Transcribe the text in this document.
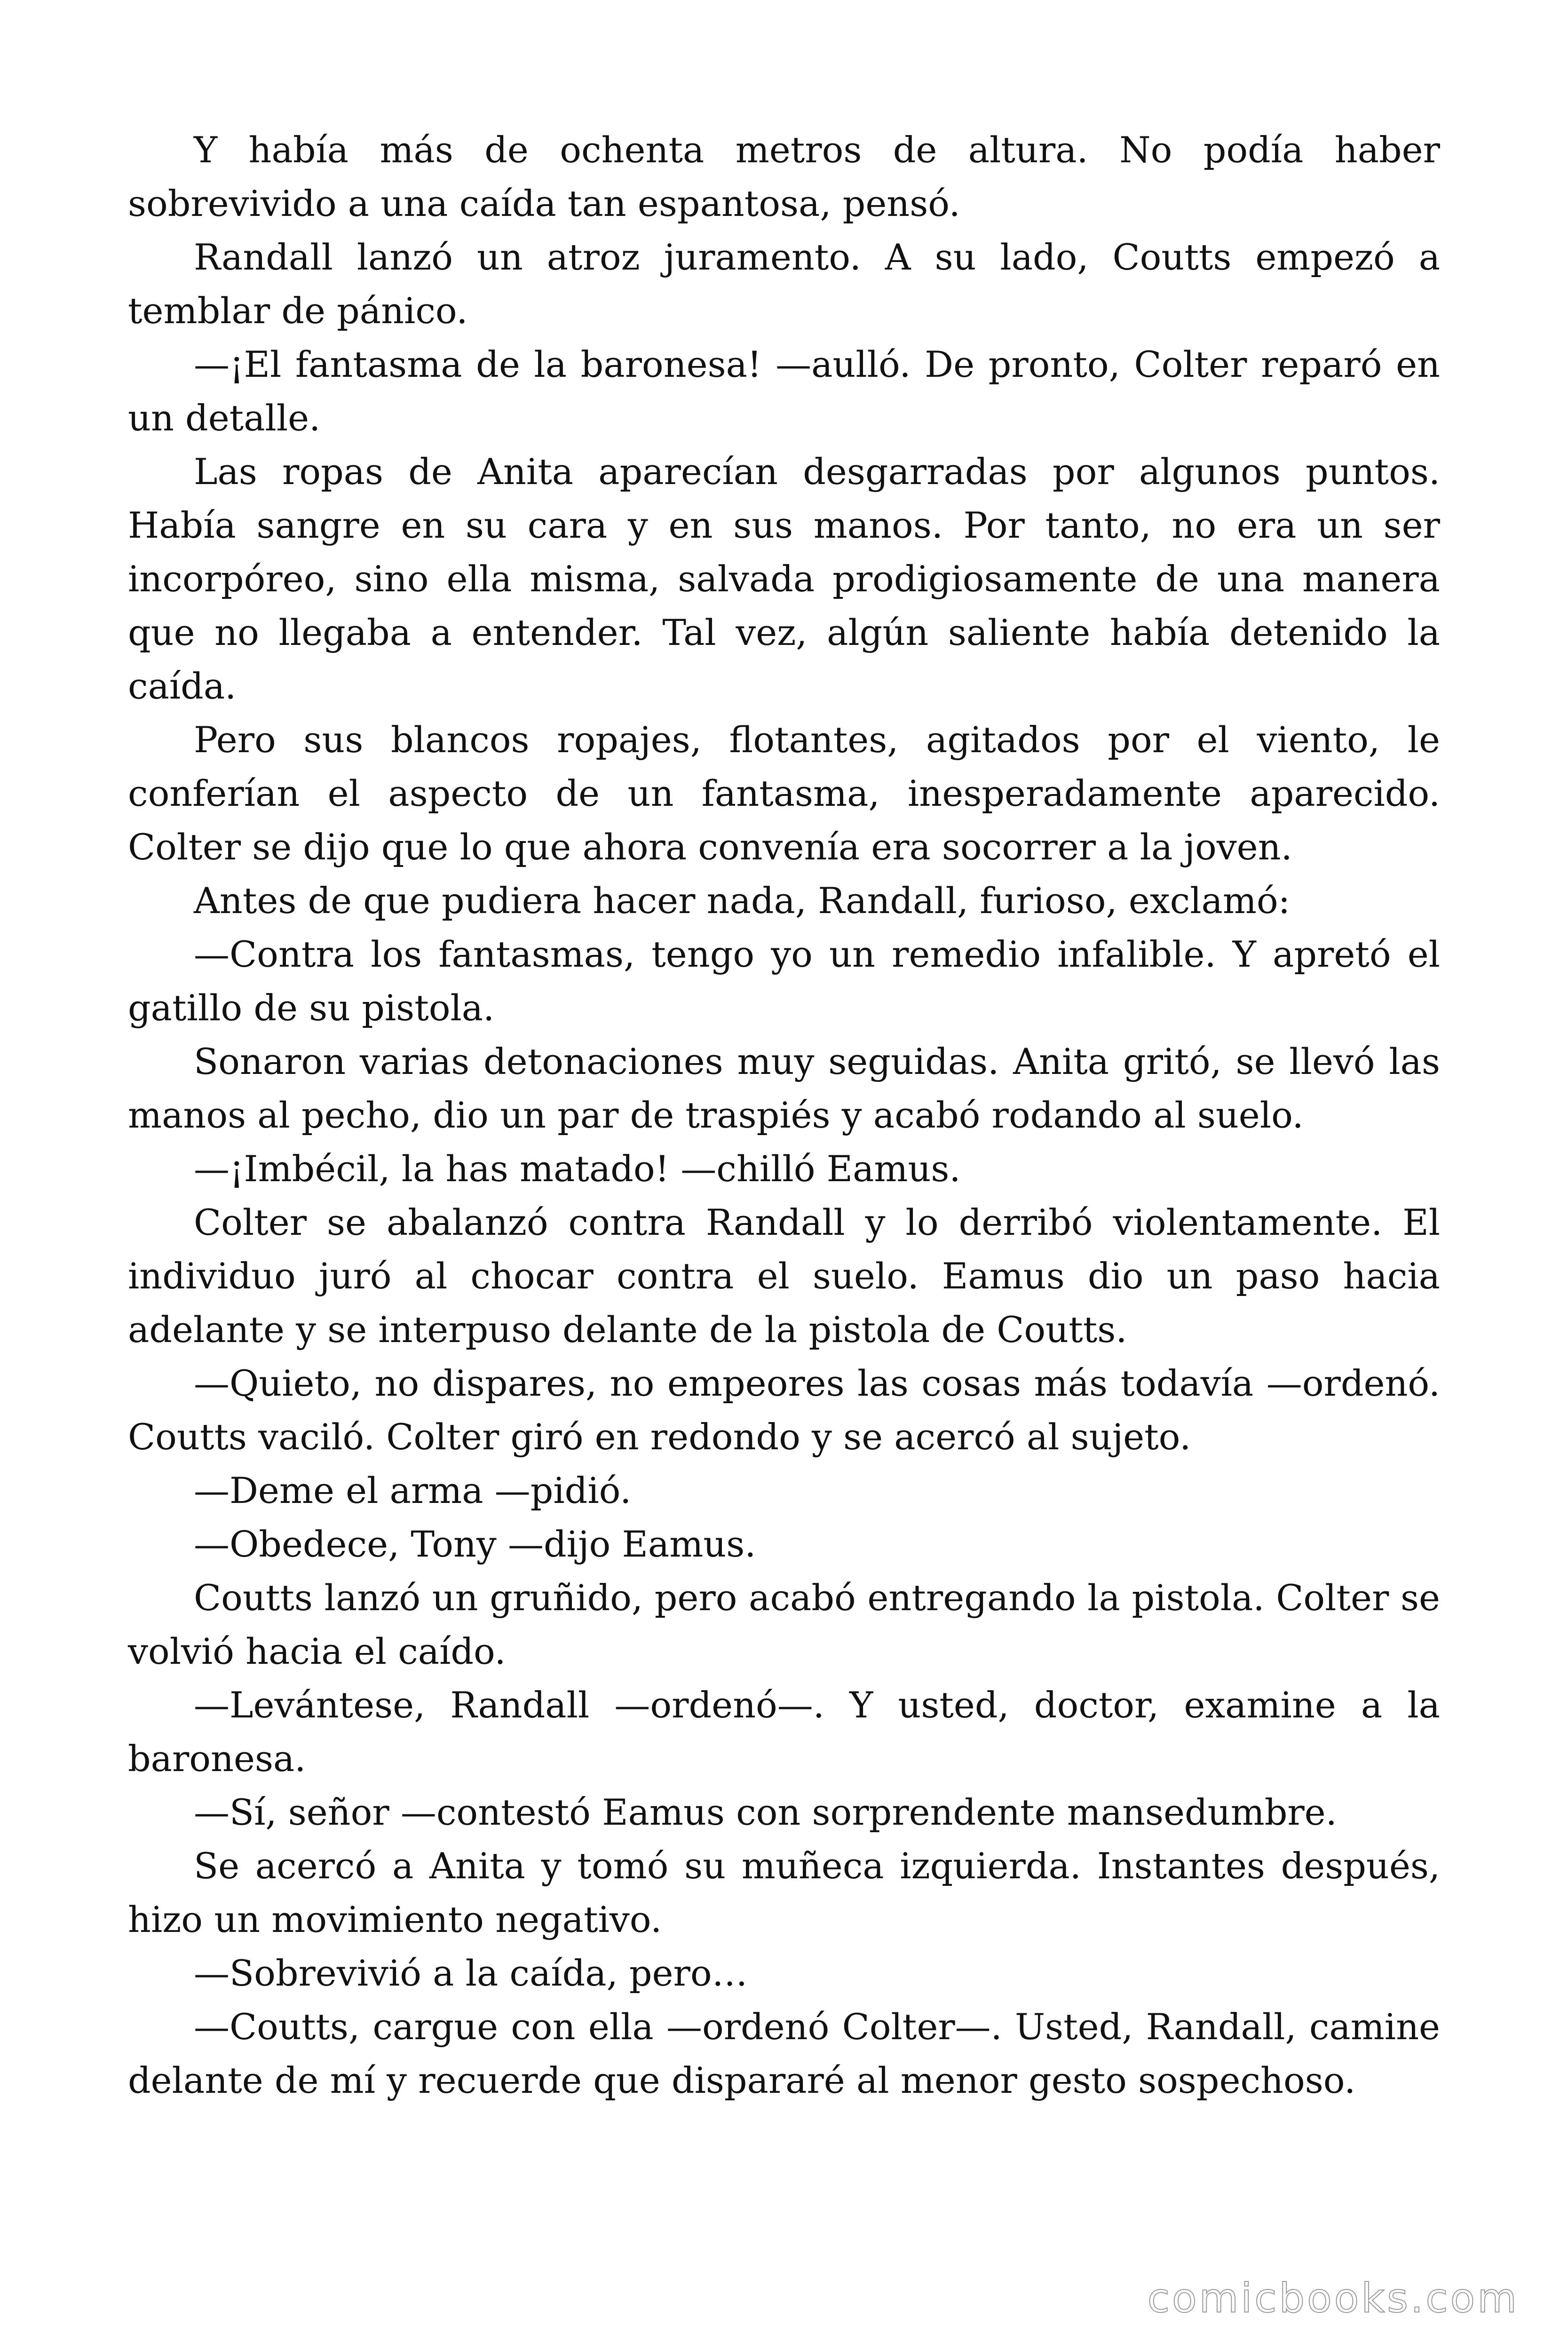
Y había más de ochenta metros de altura. No podía haber sobrevivido a una caída tan espantosa, pensó.

Randall lanzó un atroz juramento. A su lado, Coutts empezó a temblar de pánico.

—¡El fantasma de la baronesa! —aulló. De pronto, Colter reparó en un detalle.

Las ropas de Anita aparecían desgarradas por algunos puntos. Había sangre en su cara y en sus manos. Por tanto, no era un ser incorpóreo, sino ella misma, salvada prodigiosamente de una manera que no llegaba a entender. Tal vez, algún saliente había detenido la caída.

Pero sus blancos ropajes, flotantes, agitados por el viento, le conferían el aspecto de un fantasma, inesperadamente aparecido. Colter se dijo que lo que ahora convenía era socorrer a la joven.

Antes de que pudiera hacer nada, Randall, furioso, exclamó:

—Contra los fantasmas, tengo yo un remedio infalible. Y apretó el gatillo de su pistola.

Sonaron varias detonaciones muy seguidas. Anita gritó, se llevó las manos al pecho, dio un par de traspiés y acabó rodando al suelo.

—¡Imbécil, la has matado! —chilló Eamus.

Colter se abalanzó contra Randall y lo derribó violentamente. El individuo juró al chocar contra el suelo. Eamus dio un paso hacia adelante y se interpuso delante de la pistola de Coutts.

—Quieto, no dispares, no empeores las cosas más todavía —ordenó. Coutts vaciló. Colter giró en redondo y se acercó al sujeto.

—Deme el arma —pidió.

—Obedece, Tony —dijo Eamus.

Coutts lanzó un gruñido, pero acabó entregando la pistola. Colter se volvió hacia el caído.

—Levántese, Randall —ordenó—. Y usted, doctor, examine a la baronesa.

—Sí, señor —contestó Eamus con sorprendente mansedumbre.

Se acercó a Anita y tomó su muñeca izquierda. Instantes después, hizo un movimiento negativo.

—Sobrevivió a la caída, pero…

—Coutts, cargue con ella —ordenó Colter—. Usted, Randall, camine delante de mí y recuerde que dispararé al menor gesto sospechoso.

comicbooks.com
